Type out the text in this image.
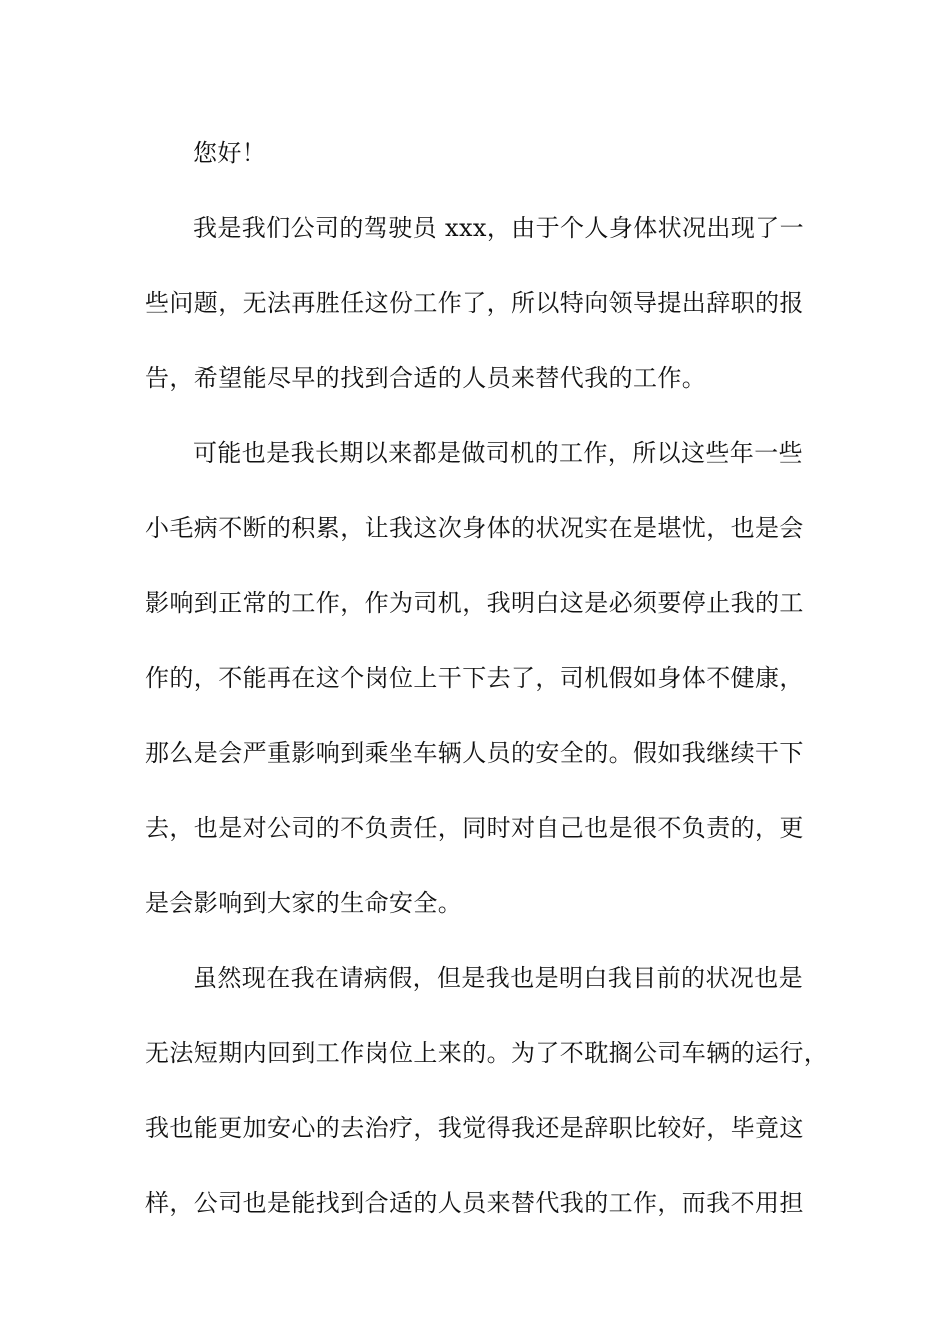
您好！
我是我们公司的驾驶员 xxx，由于个人身体状况出现了一
些问题，无法再胜任这份工作了，所以特向领导提出辞职的报
告，希望能尽早的找到合适的人员来替代我的工作。
可能也是我长期以来都是做司机的工作，所以这些年一些
小毛病不断的积累，让我这次身体的状况实在是堪忧，也是会
影响到正常的工作，作为司机，我明白这是必须要停止我的工
作的，不能再在这个岗位上干下去了，司机假如身体不健康，
那么是会严重影响到乘坐车辆人员的安全的。假如我继续干下
去，也是对公司的不负责任，同时对自己也是很不负责的，更
是会影响到大家的生命安全。
虽然现在我在请病假，但是我也是明白我目前的状况也是
无法短期内回到工作岗位上来的。为了不耽搁公司车辆的运行，
我也能更加安心的去治疗，我觉得我还是辞职比较好，毕竟这
样，公司也是能找到合适的人员来替代我的工作，而我不用担
